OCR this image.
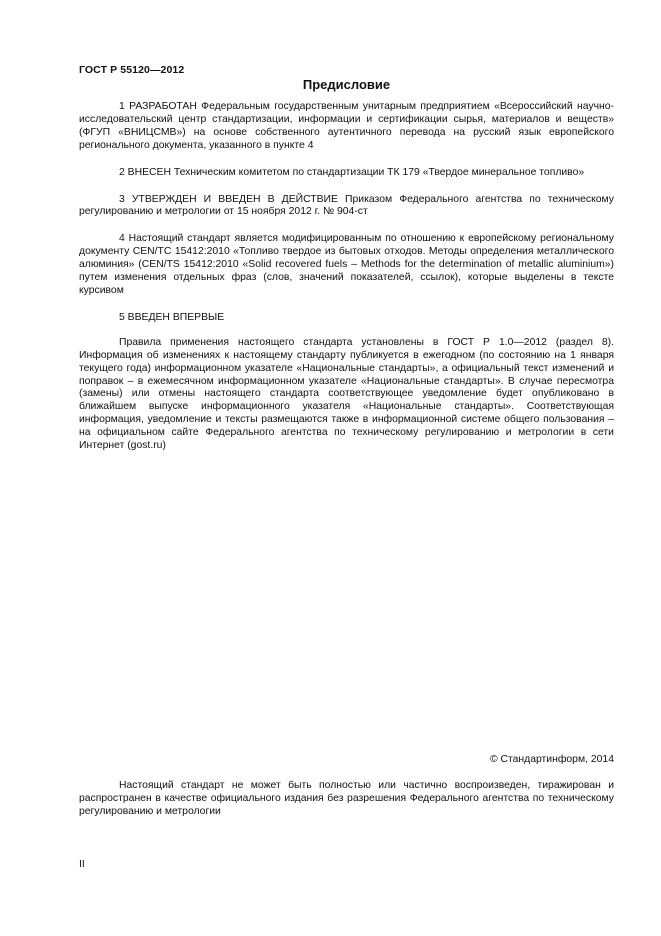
ГОСТ Р 55120—2012
Предисловие

1 РАЗРАБОТАН Федеральным государственным унитарным предприятием «Всероссийский научно-исследовательский центр стандартизации, информации и сертификации сырья, материалов и веществ» (ФГУП «ВНИЦСМВ») на основе собственного аутентичного перевода на русский язык европейского регионального документа, указанного в пункте 4

2 ВНЕСЕН Техническим комитетом по стандартизации ТК 179 «Твердое минеральное топливо»

3 УТВЕРЖДЕН И ВВЕДЕН В ДЕЙСТВИЕ Приказом Федерального агентства по техническому регулированию и метрологии от 15 ноября 2012 г. № 904-ст

4 Настоящий стандарт является модифицированным по отношению к европейскому региональному документу CEN/TC 15412:2010 «Топливо твердое из бытовых отходов. Методы определения металлического алюминия» (CEN/TS 15412:2010 «Solid recovered fuels – Methods for the determination of metallic aluminium») путем изменения отдельных фраз (слов, значений показателей, ссылок), которые выделены в тексте курсивом

5 ВВЕДЕН ВПЕРВЫЕ

Правила применения настоящего стандарта установлены в ГОСТ Р 1.0—2012 (раздел 8). Информация об изменениях к настоящему стандарту публикуется в ежегодном (по состоянию на 1 января текущего года) информационном указателе «Национальные стандарты», а официальный текст изменений и поправок – в ежемесячном информационном указателе «Национальные стандарты». В случае пересмотра (замены) или отмены настоящего стандарта соответствующее уведомление будет опубликовано в ближайшем выпуске информационного указателя «Национальные стандарты». Соответствующая информация, уведомление и тексты размещаются также в информационной системе общего пользования – на официальном сайте Федерального агентства по техническому регулированию и метрологии в сети Интернет (gost.ru)

© Стандартинформ, 2014

Настоящий стандарт не может быть полностью или частично воспроизведен, тиражирован и распространен в качестве официального издания без разрешения Федерального агентства по техническому регулированию и метрологии

II
